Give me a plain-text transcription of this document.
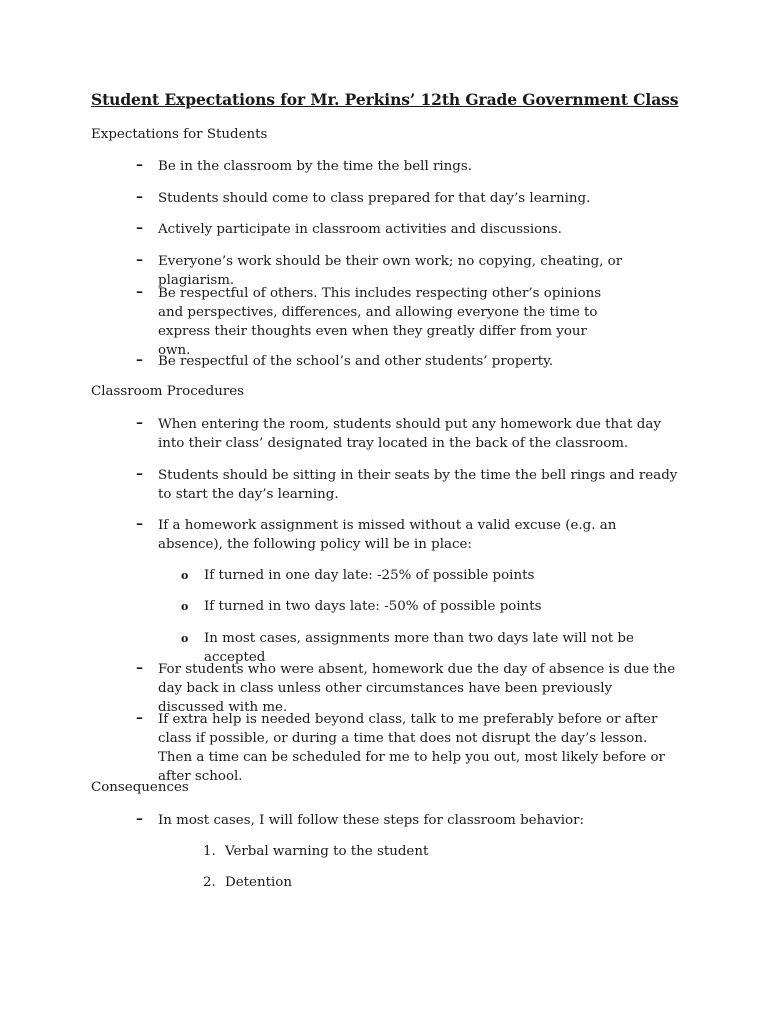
Student Expectations for Mr. Perkins’ 12th Grade Government Class
Expectations for Students
– Be in the classroom by the time the bell rings.
– Students should come to class prepared for that day’s learning.
– Actively participate in classroom activities and discussions.
– Everyone’s work should be their own work; no copying, cheating, or plagiarism.
– Be respectful of others. This includes respecting other’s opinions and perspectives, differences, and allowing everyone the time to express their thoughts even when they greatly differ from your own.
– Be respectful of the school’s and other students’ property.
Classroom Procedures
– When entering the room, students should put any homework due that day into their class’ designated tray located in the back of the classroom.
– Students should be sitting in their seats by the time the bell rings and ready to start the day’s learning.
– If a homework assignment is missed without a valid excuse (e.g. an absence), the following policy will be in place:
o If turned in one day late: -25% of possible points
o If turned in two days late: -50% of possible points
o In most cases, assignments more than two days late will not be accepted
– For students who were absent, homework due the day of absence is due the day back in class unless other circumstances have been previously discussed with me.
– If extra help is needed beyond class, talk to me preferably before or after class if possible, or during a time that does not disrupt the day’s lesson. Then a time can be scheduled for me to help you out, most likely before or after school.
Consequences
– In most cases, I will follow these steps for classroom behavior:
1. Verbal warning to the student
2. Detention
